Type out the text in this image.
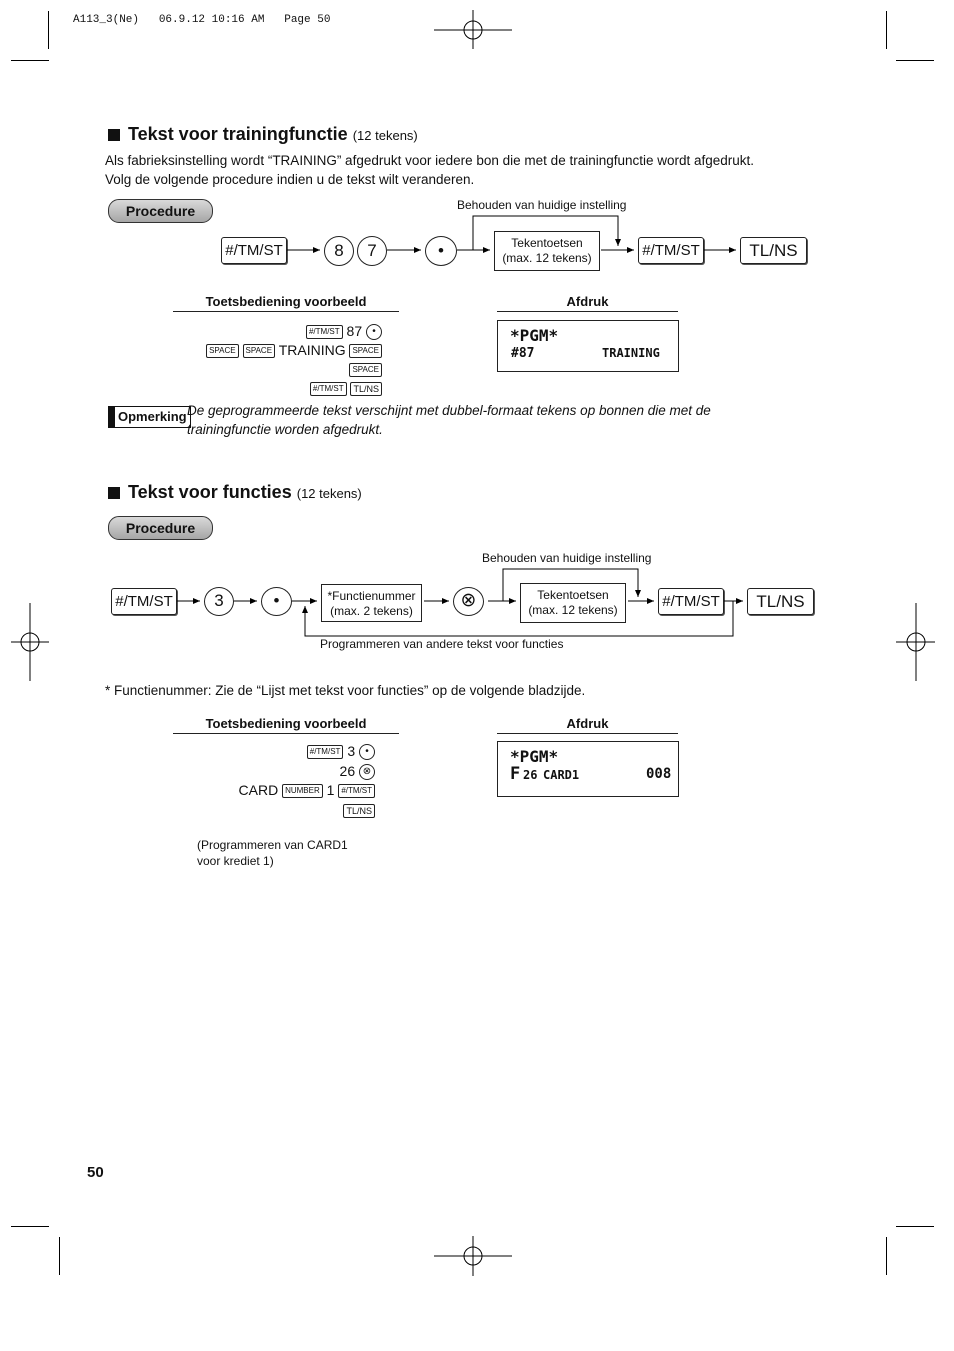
A113_3(Ne)   06.9.12 10:16 AM   Page 50
Tekst voor trainingfunctie (12 tekens)
Als fabrieksinstelling wordt “TRAINING” afgedrukt voor iedere bon die met de trainingfunctie wordt afgedrukt.
Volg de volgende procedure indien u de tekst wilt veranderen.
Procedure	Behouden van huidige instelling
#/TM/ST	8	7	•	Tekentoetsen
(max. 12 tekens)	#/TM/ST	TL/NS
Toetsbediening voorbeeld
#/TM/ST 87 •
SPACE SPACE TRAINING SPACE SPACE
#/TM/ST TL/NS
Afdruk
*PGM*
#87	TRAINING
Opmerking De geprogrammeerde tekst verschijnt met dubbel-formaat tekens op bonnen die met de
trainingfunctie worden afgedrukt.
Tekst voor functies (12 tekens)
Procedure
Behouden van huidige instelling
#/TM/ST	3	•	*Functienummer
(max. 2 tekens)	⊗	Tekentoetsen
(max. 12 tekens)	#/TM/ST	TL/NS
Programmeren van andere tekst voor functies
* Functienummer: Zie de “Lijst met tekst voor functies” op de volgende bladzijde.
Toetsbediening voorbeeld
#/TM/ST 3 •
26 ⊗
CARD NUMBER 1 #/TM/ST
TL/NS
(Programmeren van CARD1
voor krediet 1)
Afdruk
*PGM*
F 26 CARD1	008
50
